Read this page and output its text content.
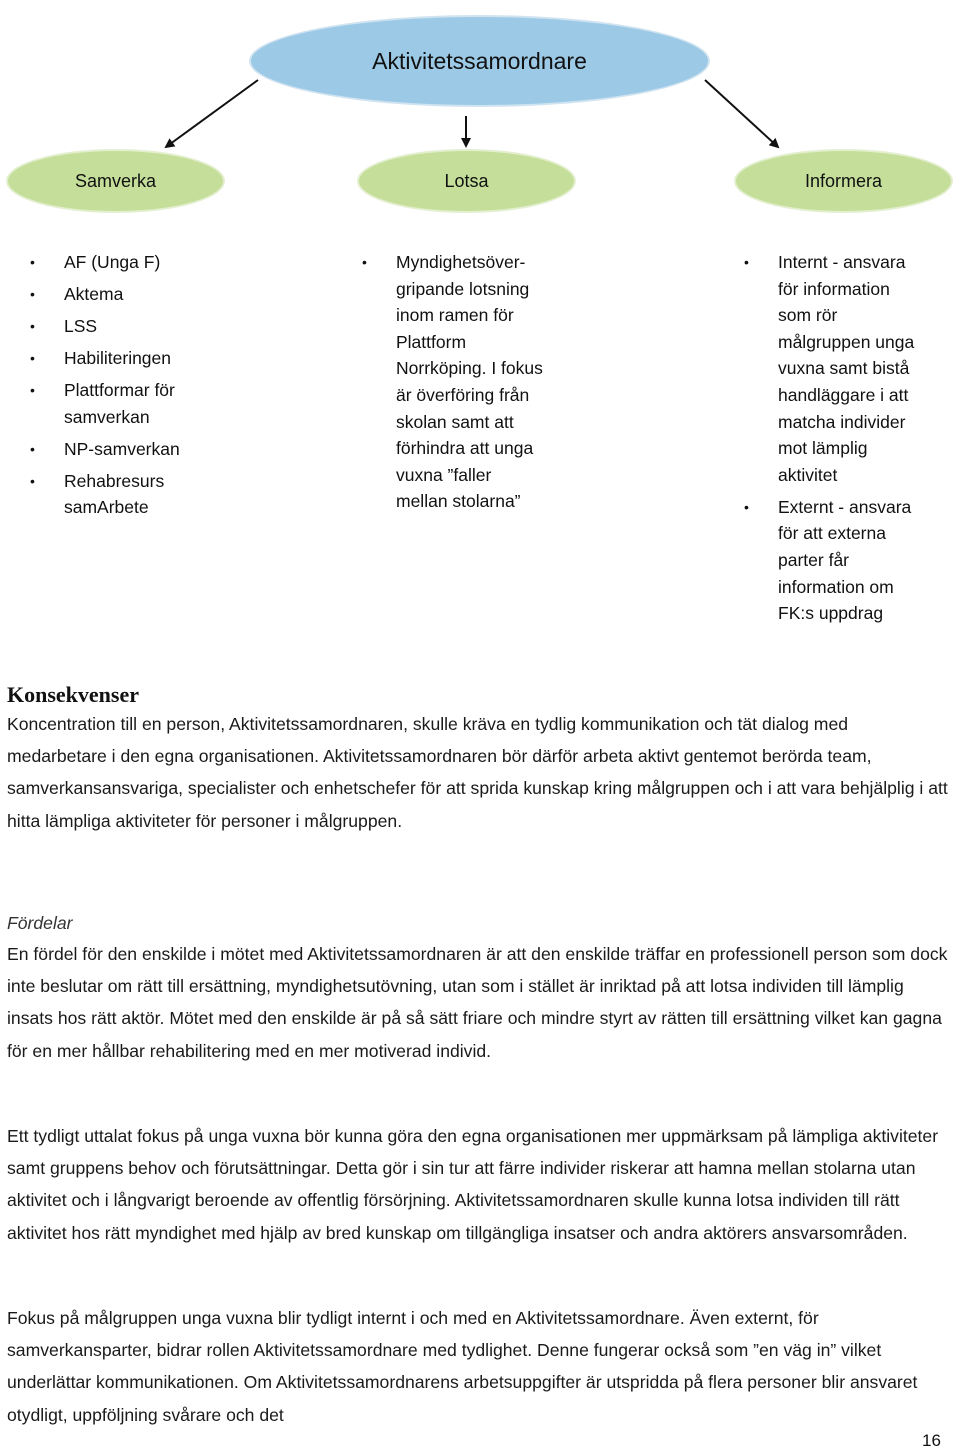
Aktivitetssamordnare
Samverka	Lotsa	Informera
• AF (Unga F)
• Aktema
• LSS
• Habiliteringen
• Plattformar för
samverkan
• NP-samverkan
• Rehabresurs
samArbete
• Myndighetsöver-
gripande lotsning
inom ramen för
Plattform
Norrköping. I fokus
är överföring från
skolan samt att
förhindra att unga
vuxna ”faller
mellan stolarna”
• Internt - ansvara
för information
som rör
målgruppen unga
vuxna samt bistå
handläggare i att
matcha individer
mot lämplig
aktivitet
• Externt - ansvara
för att externa
parter får
information om
FK:s uppdrag
Konsekvenser

Koncentration till en person, Aktivitetssamordnaren, skulle kräva en tydlig kommunikation och tät dialog med medarbetare i den egna organisationen. Aktivitetssamordnaren bör därför arbeta aktivt gentemot berörda team, samverkansansvariga, specialister och enhetschefer för att sprida kunskap kring målgruppen och i att vara behjälplig i att hitta lämpliga aktiviteter för personer i målgruppen.

Fördelar

En fördel för den enskilde i mötet med Aktivitetssamordnaren är att den enskilde träffar en professionell person som dock inte beslutar om rätt till ersättning, myndighetsutövning, utan som i stället är inriktad på att lotsa individen till lämplig insats hos rätt aktör. Mötet med den enskilde är på så sätt friare och mindre styrt av rätten till ersättning vilket kan gagna för en mer hållbar rehabilitering med en mer motiverad individ.

Ett tydligt uttalat fokus på unga vuxna bör kunna göra den egna organisationen mer uppmärksam på lämpliga aktiviteter samt gruppens behov och förutsättningar. Detta gör i sin tur att färre individer riskerar att hamna mellan stolarna utan aktivitet och i långvarigt beroende av offentlig försörjning. Aktivitetssamordnaren skulle kunna lotsa individen till rätt aktivitet hos rätt myndighet med hjälp av bred kunskap om tillgängliga insatser och andra aktörers ansvarsområden.

Fokus på målgruppen unga vuxna blir tydligt internt i och med en Aktivitetssamordnare. Även externt, för samverkansparter, bidrar rollen Aktivitetssamordnare med tydlighet. Denne fungerar också som ”en väg in” vilket underlättar kommunikationen. Om Aktivitetssamordnarens arbetsuppgifter är utspridda på flera personer blir ansvaret otydligt, uppföljning svårare och det

16
